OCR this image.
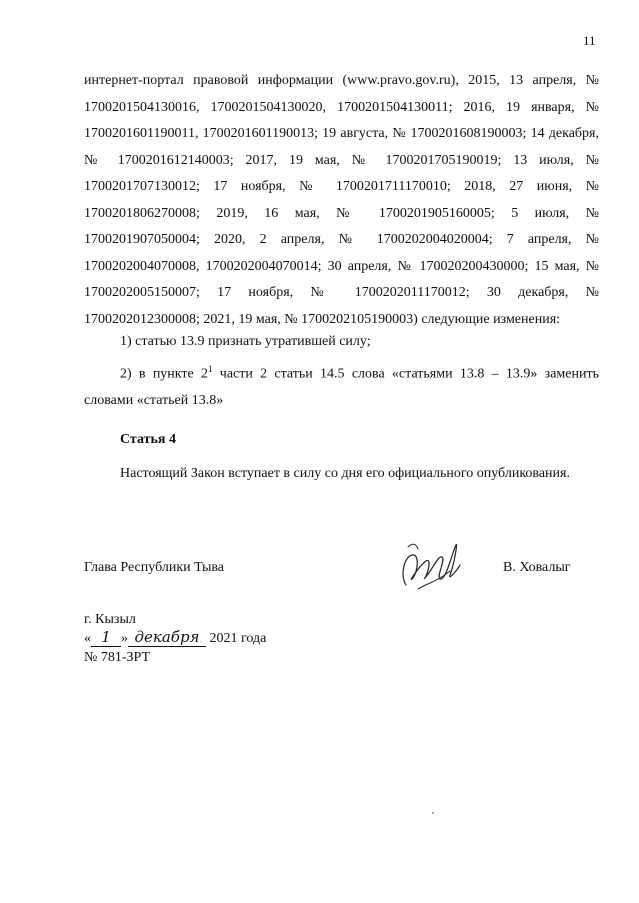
11

интернет-портал правовой информации (www.pravo.gov.ru), 2015, 13 апреля, № 1700201504130016, 1700201504130020, 1700201504130011; 2016, 19 января, № 1700201601190011, 1700201601190013; 19 августа, № 1700201608190003; 14 декабря, № 1700201612140003; 2017, 19 мая, № 1700201705190019; 13 июля, № 1700201707130012; 17 ноября, № 1700201711170010; 2018, 27 июня, № 1700201806270008; 2019, 16 мая, № 1700201905160005; 5 июля, № 1700201907050004; 2020, 2 апреля, № 1700202004020004; 7 апреля, № 1700202004070008, 1700202004070014; 30 апреля, № 170020200430000; 15 мая, № 1700202005150007; 17 ноября, № 1700202011170012; 30 декабря, № 1700202012300008; 2021, 19 мая, № 1700202105190003) следующие изменения:

1) статью 13.9 признать утратившей силу;
2) в пункте $2^1$ части 2 статьи 14.5 слова «статьями 13.8 – 13.9» заменить словами «статьей 13.8»
Статья 4
Настоящий Закон вступает в силу со дня его официального опубликования.
Глава Республики Тыва	В. Ховалыг
г. Кызыл
« 1 » декабря 2021 года
№ 781-ЗРТ
